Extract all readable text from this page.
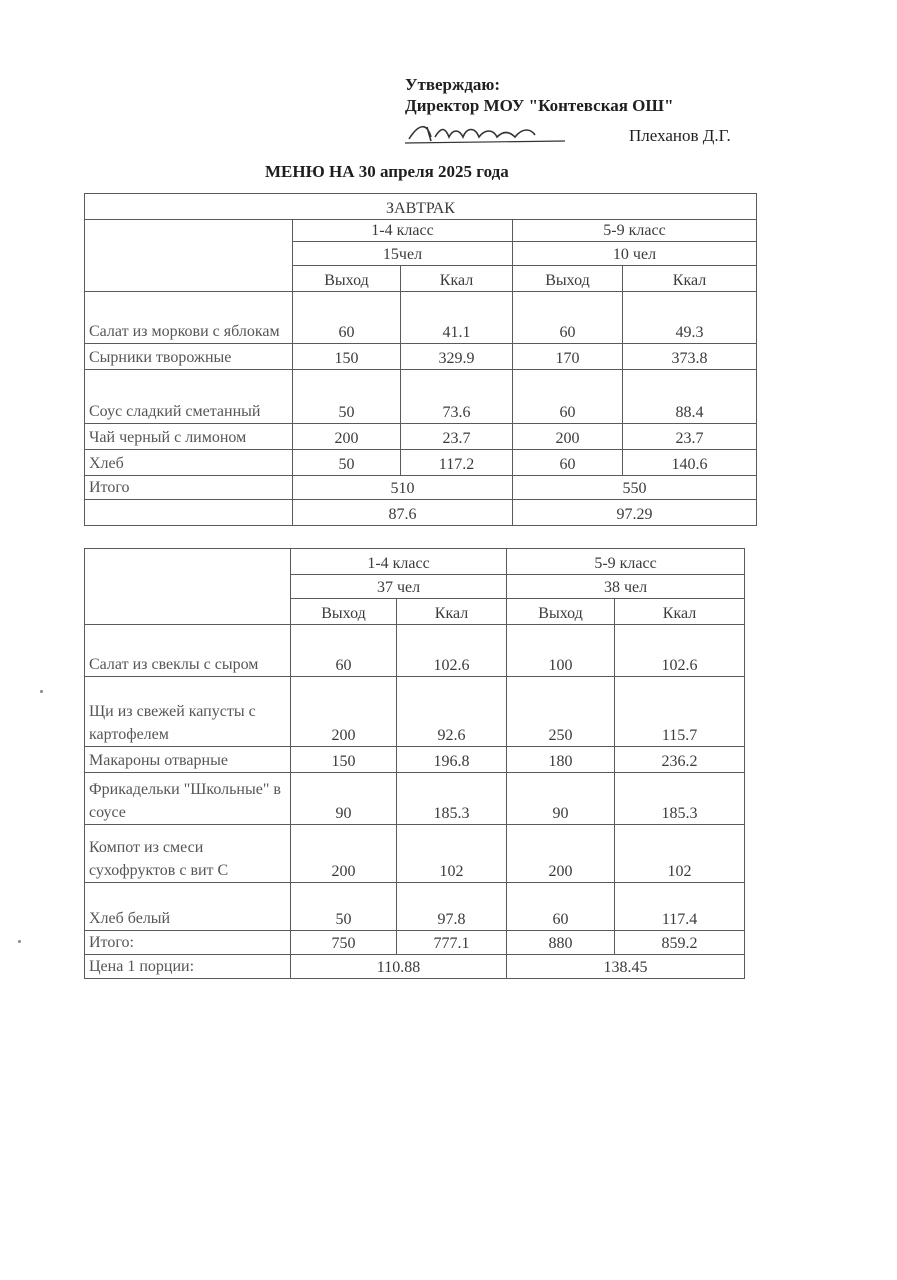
Утверждаю:
Директор МОУ "Контевская ОШ"
Плеханов Д.Г.
МЕНЮ НА 30 апреля 2025 года
ЗАВТРАК				
	1-4 класс		5-9 класс	
	15чел		10 чел	
	Выход	Ккал	Выход	Ккал
Салат из моркови с яблокам	60	41.1	60	49.3
Сырники творожные	150	329.9	170	373.8
Соус сладкий сметанный	50	73.6	60	88.4
Чай черный с лимоном	200	23.7	200	23.7
Хлеб	50	117.2	60	140.6
Итого	510		550	
	87.6		97.29	
	1-4 класс		5-9 класс	
	37 чел		38 чел	
	Выход	Ккал	Выход	Ккал
Салат из свеклы с сыром	60	102.6	100	102.6
Щи из свежей капусты с картофелем	200	92.6	250	115.7
Макароны отварные	150	196.8	180	236.2
Фрикадельки "Школьные" в соусе	90	185.3	90	185.3
Компот из смеси сухофруктов с вит С	200	102	200	102
Хлеб белый	50	97.8	60	117.4
Итого:	750	777.1	880	859.2
Цена 1 порции:	110.88		138.45	
